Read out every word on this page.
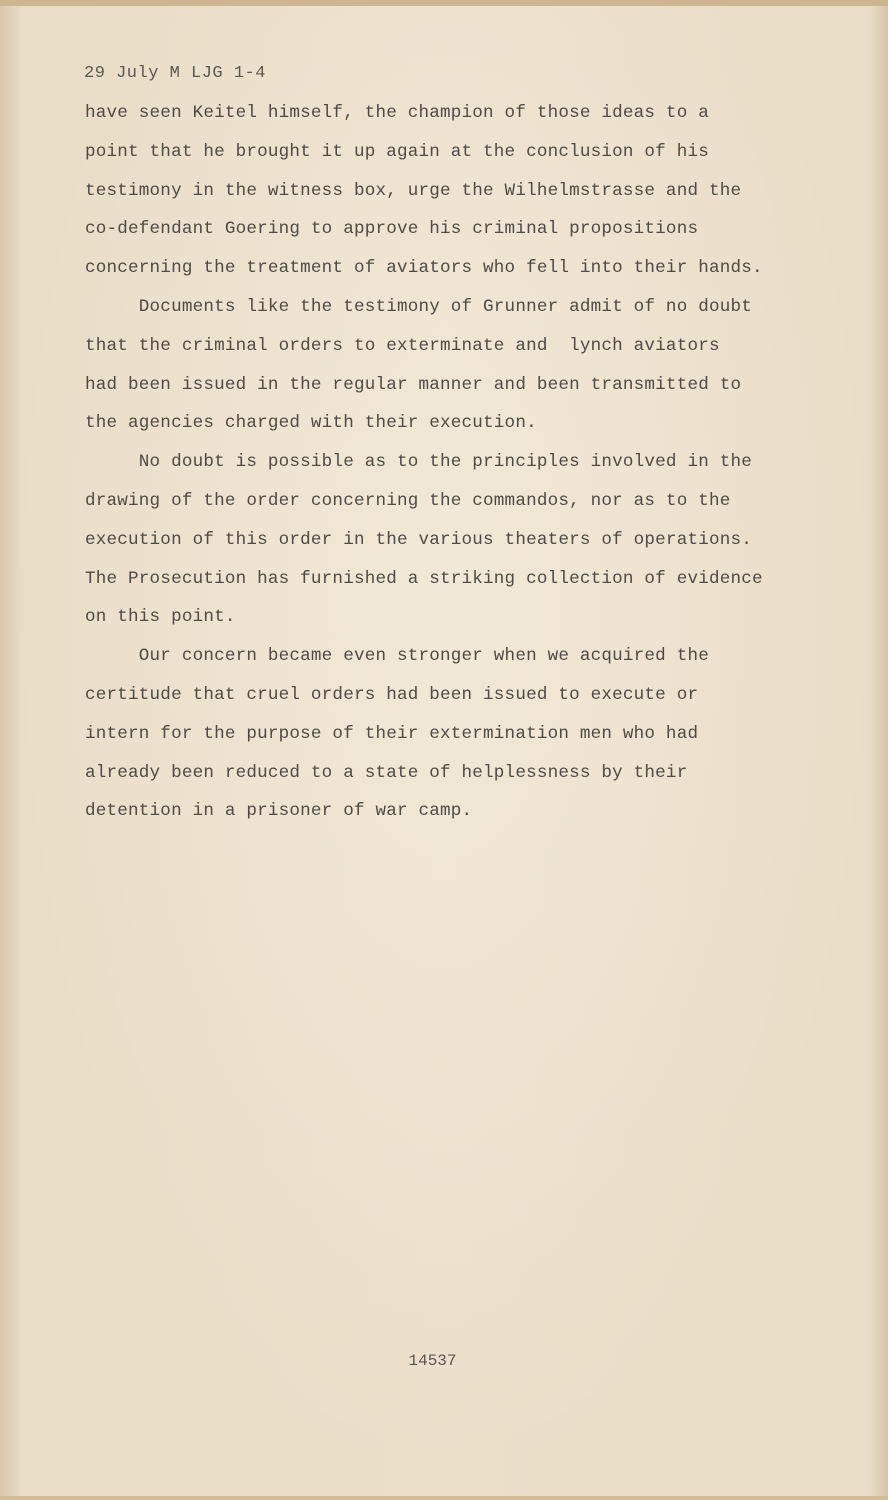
29 July M LJG 1-4
have seen Keitel himself, the champion of those ideas to a
point that he brought it up again at the conclusion of his
testimony in the witness box, urge the Wilhelmstrasse and the
co-defendant Goering to approve his criminal propositions
concerning the treatment of aviators who fell into their hands.
Documents like the testimony of Grunner admit of no doubt
that the criminal orders to exterminate and  lynch aviators
had been issued in the regular manner and been transmitted to
the agencies charged with their execution.
No doubt is possible as to the principles involved in the
drawing of the order concerning the commandos, nor as to the
execution of this order in the various theaters of operations.
The Prosecution has furnished a striking collection of evidence
on this point.
Our concern became even stronger when we acquired the
certitude that cruel orders had been issued to execute or
intern for the purpose of their extermination men who had
already been reduced to a state of helplessness by their
detention in a prisoner of war camp.
14537
